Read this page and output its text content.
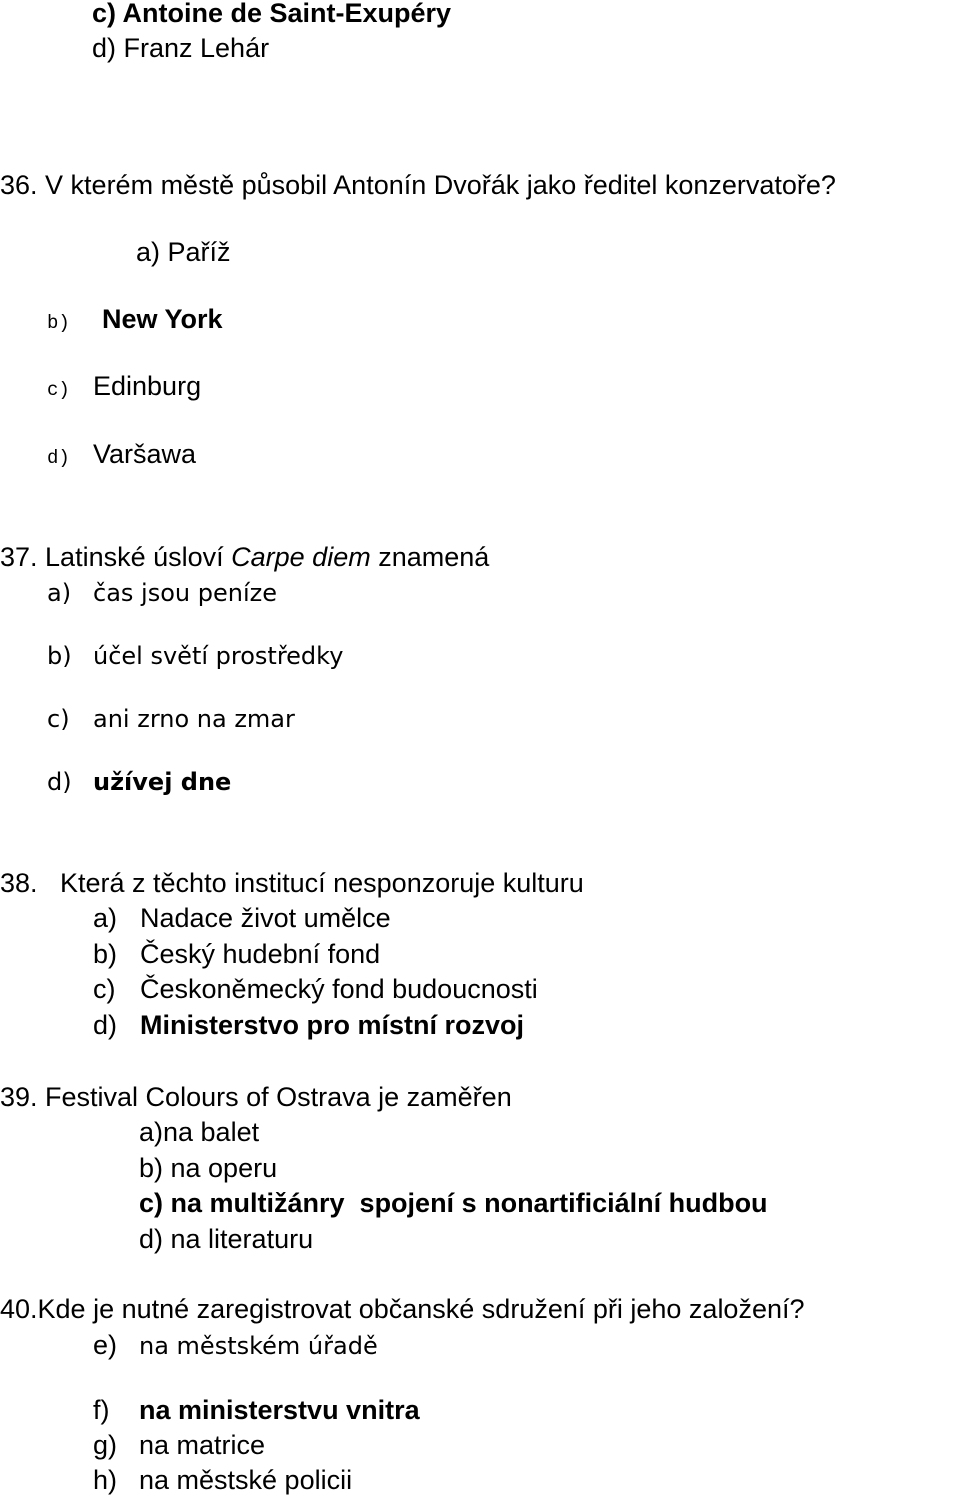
c) Antoine de Saint-Exupéry
d) Franz Lehár
36. V kterém městě působil Antonín Dvořák jako ředitel konzervatoře?
a) Paříž
b) New York
c) Edinburg
d) Varšawa
37. Latinské úsloví Carpe diem znamená
a) čas jsou peníze
b) účel světí prostředky
c) ani zrno na zmar
d) užívej dne
38. Která z těchto institucí nesponzoruje kulturu
a) Nadace život umělce
b) Český hudební fond
c) Českoněmecký fond budoucnosti
d) Ministerstvo pro místní rozvoj
39. Festival Colours of Ostrava je zaměřen
a)na balet
b) na operu
c) na multižánry  spojení s nonartificiální hudbou
d) na literaturu
40.Kde je nutné zaregistrovat občanské sdružení při jeho založení?
e) na městském úřadě
f) na ministerstvu vnitra
g) na matrice
h) na městské policii
